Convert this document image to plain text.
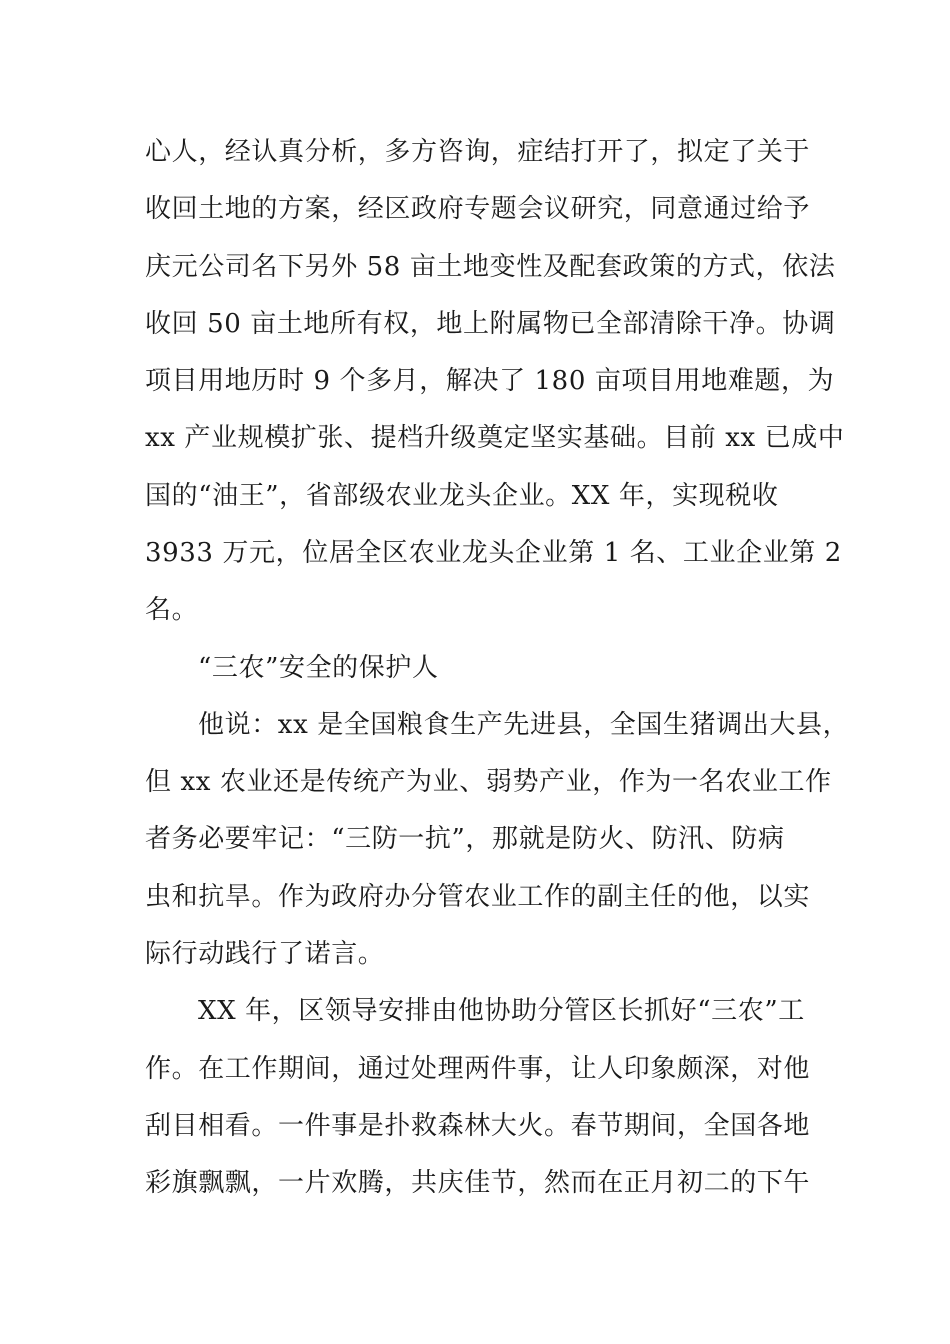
心人，经认真分析，多方咨询，症结打开了，拟定了关于
收回土地的方案，经区政府专题会议研究，同意通过给予
庆元公司名下另外 58 亩土地变性及配套政策的方式，依法
收回 50 亩土地所有权，地上附属物已全部清除干净。协调
项目用地历时 9 个多月，解决了 180 亩项目用地难题，为
xx 产业规模扩张、提档升级奠定坚实基础。目前 xx 已成中
国的“油王”，省部级农业龙头企业。XX 年，实现税收
3933 万元，位居全区农业龙头企业第 1 名、工业企业第 2
名。
“三农”安全的保护人
他说：xx 是全国粮食生产先进县，全国生猪调出大县，
但 xx 农业还是传统产为业、弱势产业，作为一名农业工作
者务必要牢记：“三防一抗”，那就是防火、防汛、防病
虫和抗旱。作为政府办分管农业工作的副主任的他，以实
际行动践行了诺言。
XX 年，区领导安排由他协助分管区长抓好“三农”工
作。在工作期间，通过处理两件事，让人印象颇深，对他
刮目相看。一件事是扑救森林大火。春节期间，全国各地
彩旗飘飘，一片欢腾，共庆佳节，然而在正月初二的下午
